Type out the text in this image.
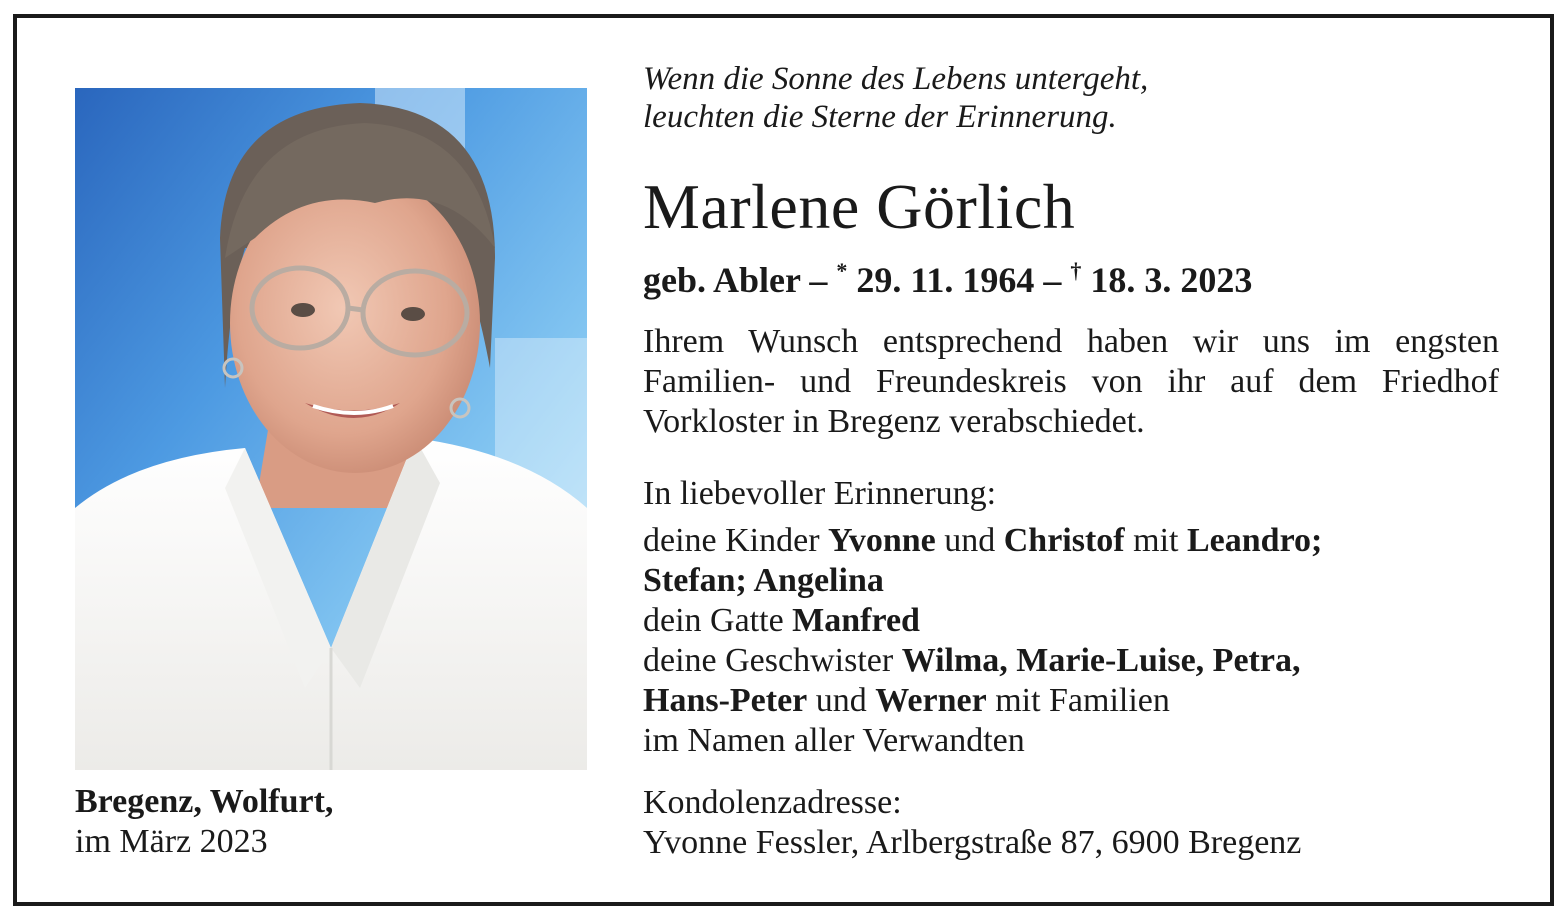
Bregenz, Wolfurt,
im März 2023
Wenn die Sonne des Lebens untergeht,
leuchten die Sterne der Erinnerung.
Marlene Görlich

geb. Abler – * 29. 11. 1964 – † 18. 3. 2023

Ihrem Wunsch entsprechend haben wir uns im engsten Familien- und Freundeskreis von ihr auf dem Friedhof Vorkloster in Bregenz verabschiedet.

In liebevoller Erinnerung:

deine Kinder Yvonne und Christof mit Leandro;
Stefan; Angelina
dein Gatte Manfred
deine Geschwister Wilma, Marie-Luise, Petra,
Hans-Peter und Werner mit Familien
im Namen aller Verwandten
Kondolenzadresse:
Yvonne Fessler, Arlbergstraße 87, 6900 Bregenz
